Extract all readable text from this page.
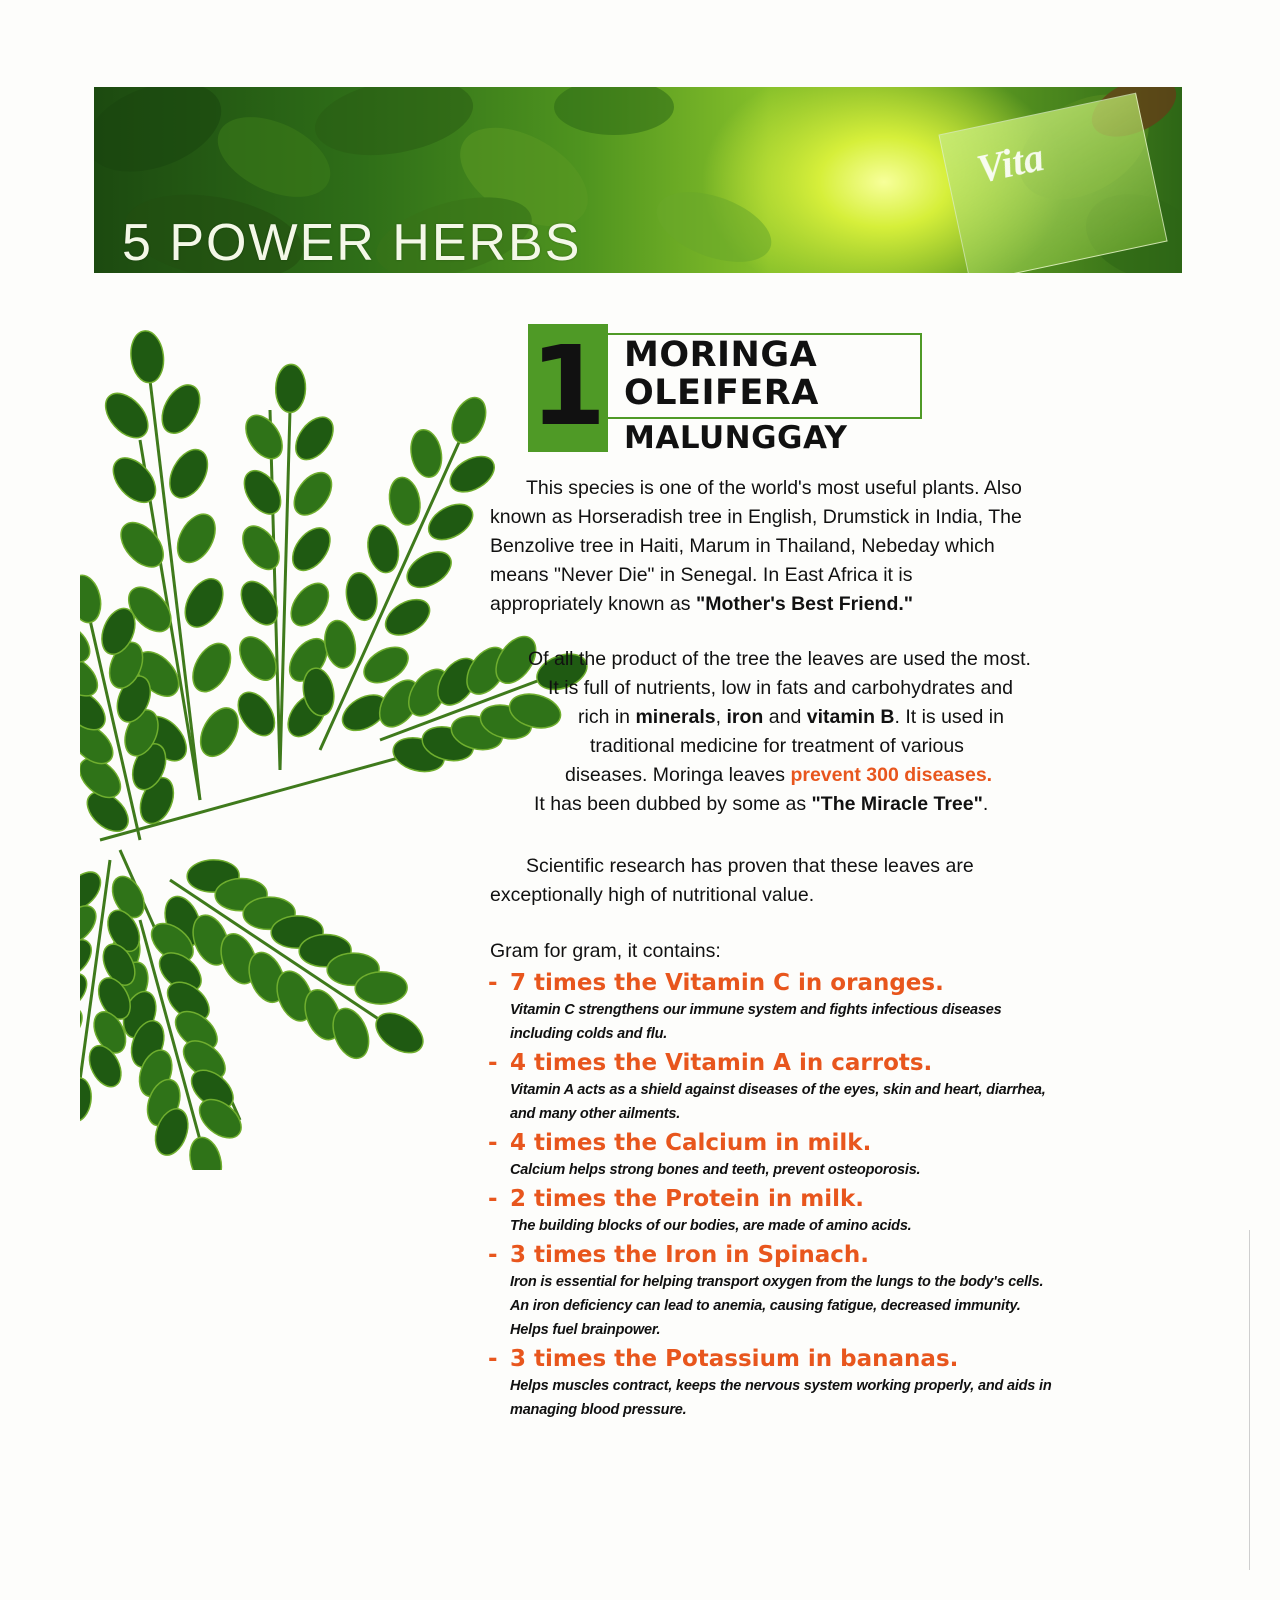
Vita
5 POWER HERBS
1 MORINGA
OLEIFERA
MALUNGGAY
This species is one of the world's most useful plants. Also
known as Horseradish tree in English, Drumstick in India, The
Benzolive tree in Haiti, Marum in Thailand, Nebeday which
means "Never Die" in Senegal. In East Africa it is
appropriately known as "Mother's Best Friend."
Of all the product of the tree the leaves are used the most.
It is full of nutrients, low in fats and carbohydrates and
rich in minerals, iron and vitamin B. It is used in
traditional medicine for treatment of various
diseases. Moringa leaves prevent 300 diseases.
It has been dubbed by some as "The Miracle Tree".
Scientific research has proven that these leaves are
exceptionally high of nutritional value.
Gram for gram, it contains:
- 7 times the Vitamin C in oranges.
Vitamin C strengthens our immune system and fights infectious diseases
including colds and flu.
- 4 times the Vitamin A in carrots.
Vitamin A acts as a shield against diseases of the eyes, skin and heart, diarrhea,
and many other ailments.
- 4 times the Calcium in milk.
Calcium helps strong bones and teeth, prevent osteoporosis.
- 2 times the Protein in milk.
The building blocks of our bodies, are made of amino acids.
- 3 times the Iron in Spinach.
Iron is essential for helping transport oxygen from the lungs to the body's cells.
An iron deficiency can lead to anemia, causing fatigue, decreased immunity.
Helps fuel brainpower.
- 3 times the Potassium in bananas.
Helps muscles contract, keeps the nervous system working properly, and aids in
managing blood pressure.
